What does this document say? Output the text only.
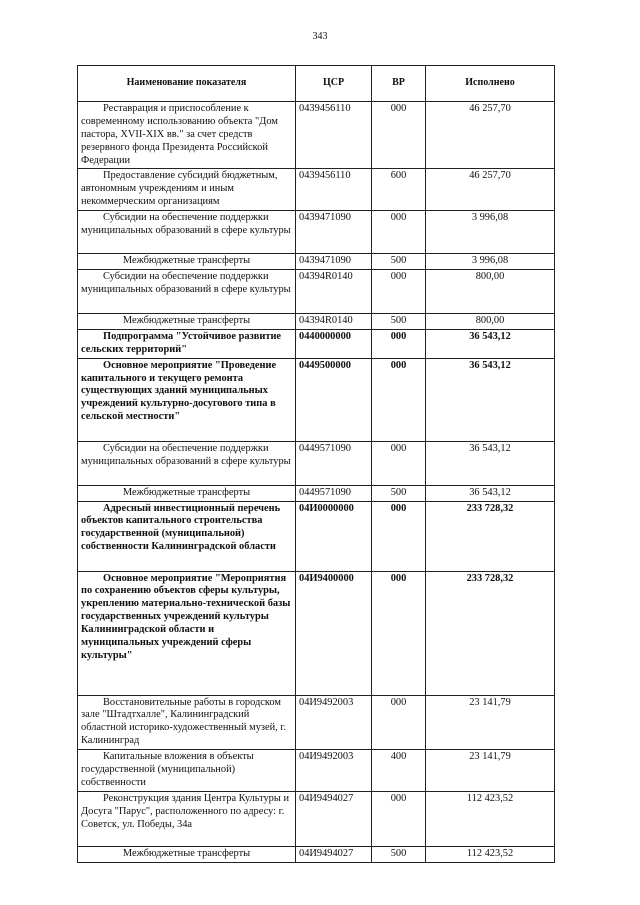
343
Наименование показателя	ЦСР	ВР	Исполнено
Реставрация и приспособление к современному использованию объекта "Дом пастора, XVII-XIX вв." за счет средств резервного фонда Президента Российской Федерации	0439456110	000	46 257,70
Предоставление субсидий бюджетным, автономным учреждениям и иным некоммерческим организациям	0439456110	600	46 257,70
Субсидии на обеспечение поддержки муниципальных образований в сфере культуры	0439471090	000	3 996,08
Межбюджетные трансферты	0439471090	500	3 996,08
Субсидии на обеспечение поддержки муниципальных образований в сфере культуры	04394R0140	000	800,00
Межбюджетные трансферты	04394R0140	500	800,00
Подпрограмма "Устойчивое развитие сельских территорий"	0440000000	000	36 543,12
Основное мероприятие "Проведение капитального и текущего ремонта существующих зданий муниципальных учреждений культурно-досугового типа в сельской местности"	0449500000	000	36 543,12
Субсидии на обеспечение поддержки муниципальных образований в сфере культуры	0449571090	000	36 543,12
Межбюджетные трансферты	0449571090	500	36 543,12
Адресный инвестиционный перечень объектов капитального строительства государственной (муниципальной) собственности Калининградской области	04И0000000	000	233 728,32
Основное мероприятие "Мероприятия по сохранению объектов сферы культуры, укреплению материально-технической базы государственных учреждений культуры Калининградской области и муниципальных учреждений сферы культуры"	04И9400000	000	233 728,32
Восстановительные работы в городском зале "Штадтхалле", Калининградский областной историко-художественный музей, г. Калининград	04И9492003	000	23 141,79
Капитальные вложения в объекты государственной (муниципальной) собственности	04И9492003	400	23 141,79
Реконструкция здания Центра Культуры и Досуга "Парус", расположенного по адресу: г. Советск, ул. Победы, 34а	04И9494027	000	112 423,52
Межбюджетные трансферты	04И9494027	500	112 423,52
